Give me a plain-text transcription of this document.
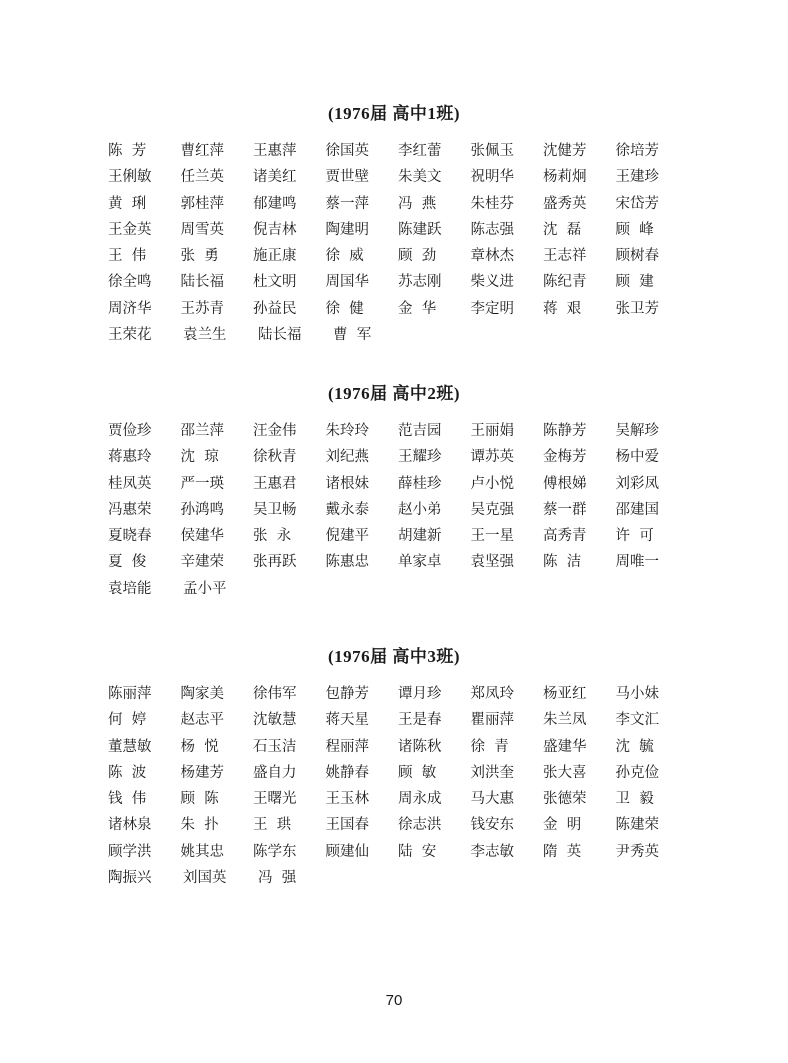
(1976届 高中1班)
陈  芳	曹红萍	王惠萍	徐国英	李红蕾	张佩玉	沈健芳	徐培芳
王俐敏	任兰英	诸美红	贾世壁	朱美文	祝明华	杨莉炯	王建珍
黄  琍	郭桂萍	郁建鸣	蔡一萍	冯  燕	朱桂芬	盛秀英	宋岱芳
王金英	周雪英	倪吉林	陶建明	陈建跃	陈志强	沈  磊	顾  峰
王  伟	张  勇	施正康	徐  威	顾  劲	章林杰	王志祥	顾树春
徐全鸣	陆长福	杜文明	周国华	苏志刚	柴义进	陈纪青	顾  建
周济华	王苏青	孙益民	徐  健	金  华	李定明	蒋  艰	张卫芳
王荣花	袁兰生	陆长福	曹  军
(1976届 高中2班)
贾俭珍	邵兰萍	汪金伟	朱玲玲	范吉园	王丽娟	陈静芳	吴解珍
蒋惠玲	沈  琼	徐秋青	刘纪燕	王耀珍	谭苏英	金梅芳	杨中爱
桂凤英	严一瑛	王惠君	诸根妹	薛桂珍	卢小悦	傅根娣	刘彩凤
冯惠荣	孙鸿鸣	吴卫畅	戴永泰	赵小弟	吴克强	蔡一群	邵建国
夏晓春	侯建华	张  永	倪建平	胡建新	王一星	高秀青	许  可
夏  俊	辛建荣	张再跃	陈惠忠	单家卓	袁坚强	陈  洁	周唯一
袁培能	孟小平
(1976届 高中3班)
陈丽萍	陶家美	徐伟军	包静芳	谭月珍	郑凤玲	杨亚红	马小妹
何  婷	赵志平	沈敏慧	蒋天星	王是春	瞿丽萍	朱兰凤	李文汇
董慧敏	杨  悦	石玉洁	程丽萍	诸陈秋	徐  青	盛建华	沈  毓
陈  波	杨建芳	盛自力	姚静春	顾  敏	刘洪奎	张大喜	孙克俭
钱  伟	顾  陈	王曙光	王玉林	周永成	马大惠	张德荣	卫  毅
诸林泉	朱  扑	王  珙	王国春	徐志洪	钱安东	金  明	陈建荣
顾学洪	姚其忠	陈学东	顾建仙	陆  安	李志敏	隋  英	尹秀英
陶振兴	刘国英	冯  强
70
